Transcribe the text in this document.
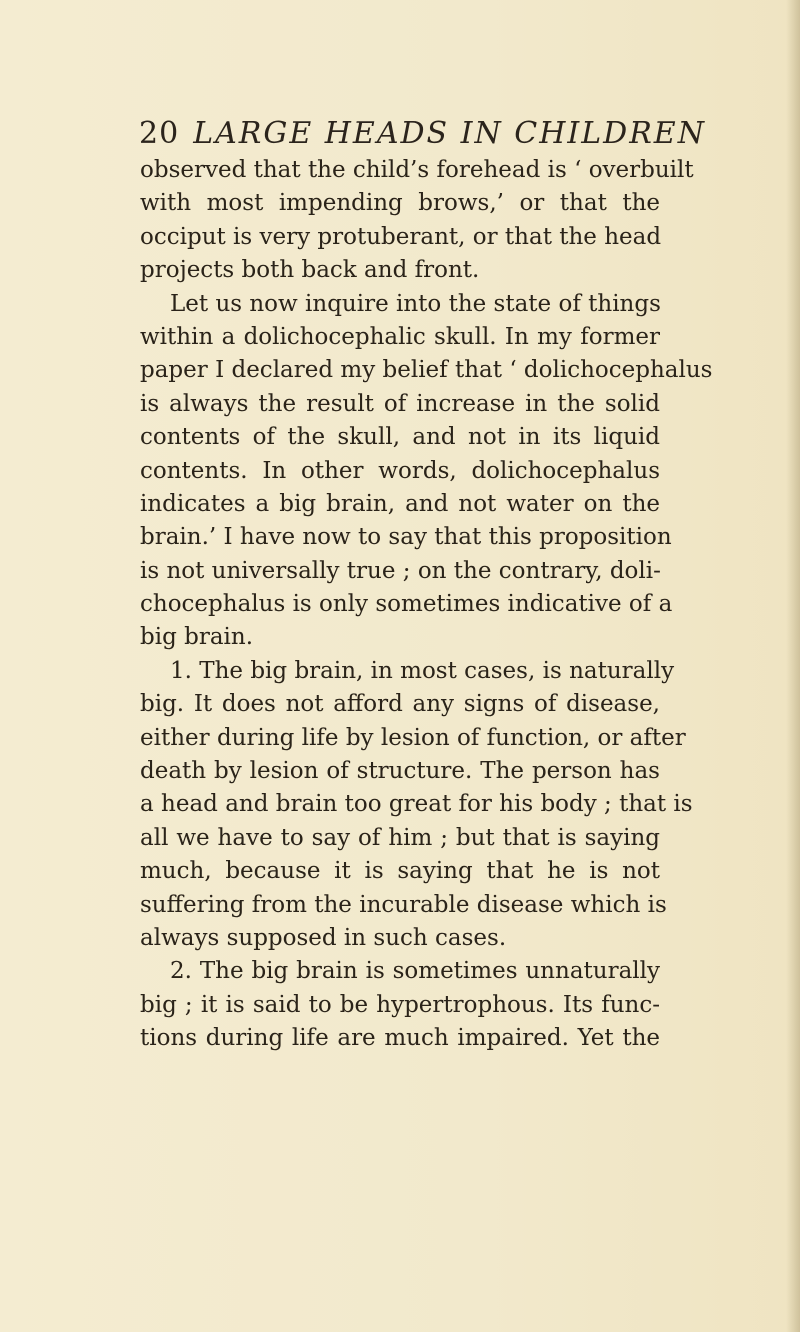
20 LARGE HEADS IN CHILDREN
observed that the child’s forehead is ‘ overbuilt
with most impending brows,’ or that the
occiput is very protuberant, or that the head
projects both back and front.
Let us now inquire into the state of things
within a dolichocephalic skull. In my former
paper I declared my belief that ‘ dolichocephalus
is always the result of increase in the solid
contents of the skull, and not in its liquid
contents. In other words, dolichocephalus
indicates a big brain, and not water on the
brain.’ I have now to say that this proposition
is not universally true ; on the contrary, doli-
chocephalus is only sometimes indicative of a
big brain.
1. The big brain, in most cases, is naturally
big. It does not afford any signs of disease,
either during life by lesion of function, or after
death by lesion of structure. The person has
a head and brain too great for his body ; that is
all we have to say of him ; but that is saying
much, because it is saying that he is not
suffering from the incurable disease which is
always supposed in such cases.
2. The big brain is sometimes unnaturally
big ; it is said to be hypertrophous. Its func-
tions during life are much impaired. Yet the
